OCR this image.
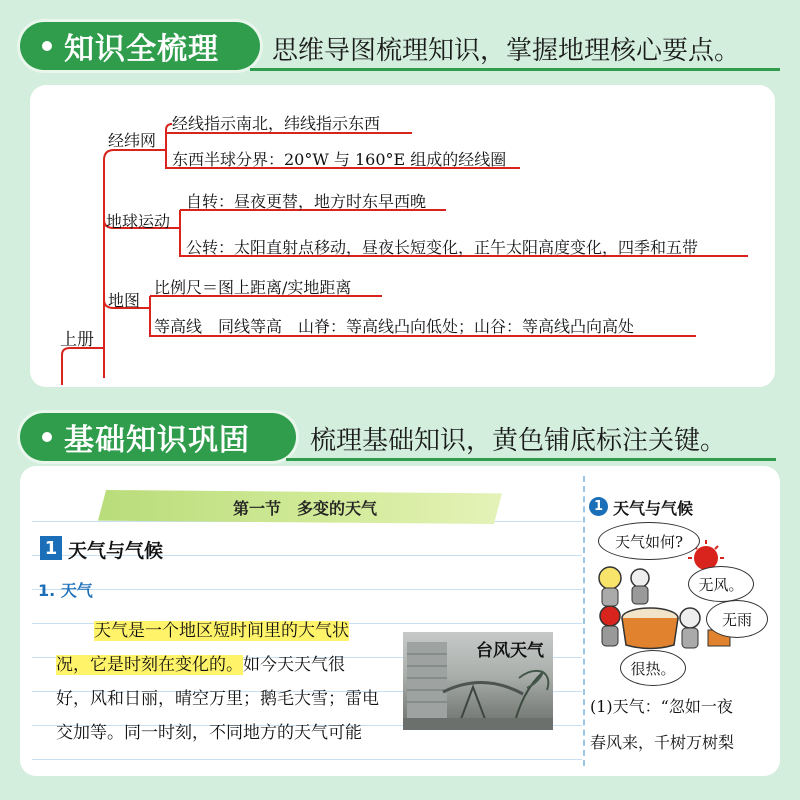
知识全梳理 思维导图梳理知识，掌握地理核心要点。
上册
经纬网
经线指示南北，纬线指示东西
东西半球分界：20°W 与 160°E 组成的经线圈
地球运动
自转：昼夜更替，地方时东早西晚
公转：太阳直射点移动，昼夜长短变化，正午太阳高度变化，四季和五带
地图
比例尺＝图上距离/实地距离
等高线　同线等高　山脊：等高线凸向低处；山谷：等高线凸向高处
基础知识巩固 梳理基础知识，黄色铺底标注关键。
第一节　多变的天气
1 天气与气候
1. 天气
天气是一个地区短时间里的大气状
况，它是时刻在变化的。如今天天气很
好，风和日丽，晴空万里；鹅毛大雪；雷电
交加等。同一时刻，不同地方的天气可能
台风天气
1 天气与气候
天气如何?
无风。
无雨
很热。
(1)天气：“忽如一夜
春风来，千树万树梨
